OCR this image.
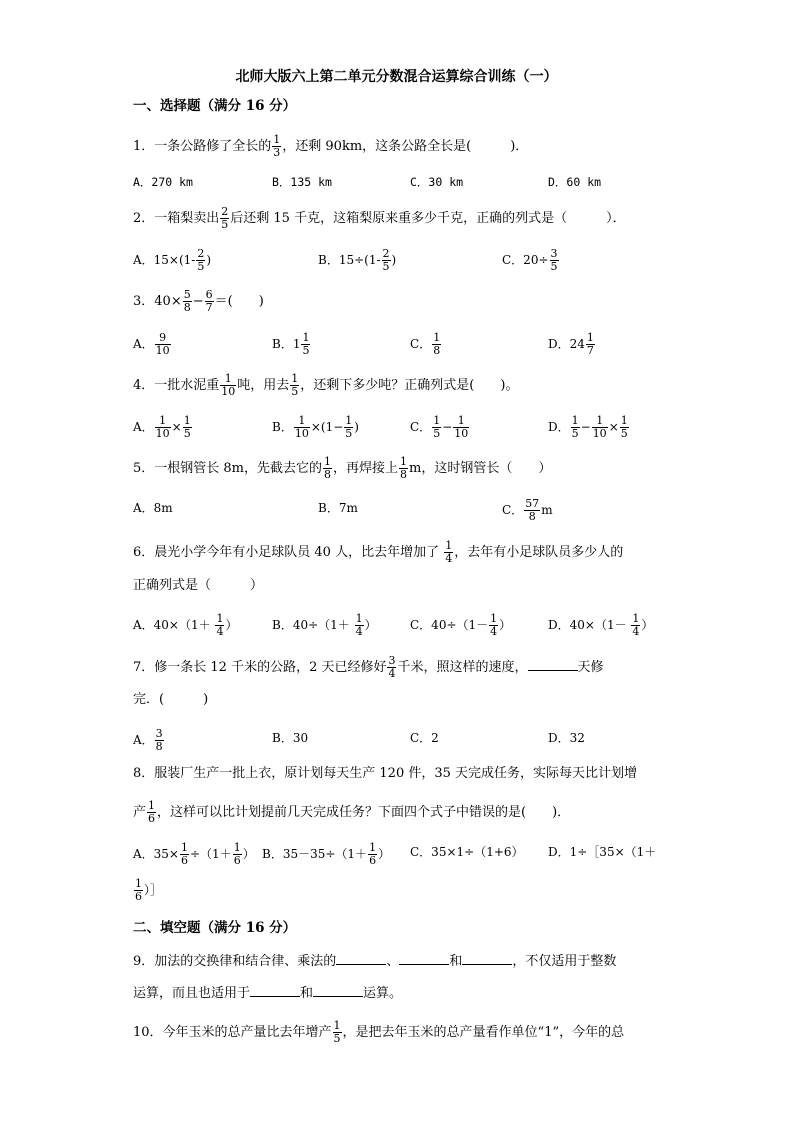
北师大版六上第二单元分数混合运算综合训练（一）
一、选择题（满分 16 分）
1．一条公路修了全长的 $\frac{1}{3}$ ，还剩 90km，这条公路全长是(　　　)．
A．270 km	B．135 km	C．30 km	D．60 km
2．一箱梨卖出 $\frac{2}{5}$ 后还剩 15 千克，这箱梨原来重多少千克，正确的列式是（　　　）．
A．$15\times(1- \frac{2}{5}$ )	B．$15\div(1- \frac{2}{5}$ )	C．$20\div \frac{3}{5}$
3．$40\times \frac{5}{8} - \frac{6}{7}$ ＝(　　)
A． $\frac{9}{10}$	B．$1 \frac{1}{5}$	C． $\frac{1}{8}$	D．$24 \frac{1}{7}$
4．一批水泥重 $\frac{1}{10}$ 吨，用去 $\frac{1}{5}$ ，还剩下多少吨？正确列式是(　　)。
A． $\frac{1}{10} \times \frac{1}{5}$	B． $\frac{1}{10} \times(1- \frac{1}{5}$ )	C． $\frac{1}{5} - \frac{1}{10}$	D． $\frac{1}{5} - \frac{1}{10} \times \frac{1}{5}$
5．一根钢管长 8m，先截去它的 $\frac{1}{8}$ ，再焊接上 $\frac{1}{8}$ m，这时钢管长（　　）
A．8m	B．7m	C． $\frac{57}{8}$ m
6．晨光小学今年有小足球队员 40 人，比去年增加了 $\frac{1}{4}$ ，去年有小足球队员多少人的
正确列式是（　　　）
A．$40\times(1+ \frac{1}{4}$ ）	B．$40\div(1+ \frac{1}{4}$ ）	C．$40\div(1- \frac{1}{4}$ ）	D．$40\times(1- \frac{1}{4}$ ）
7．修一条长 12 千米的公路，2 天已经修好 $\frac{3}{4}$ 千米，照这样的速度，	天修
完．(　　　)
A． $\frac{3}{8}$	B．30	C．2	D．32
8．服装厂生产一批上衣，原计划每天生产 120 件，35 天完成任务，实际每天比计划增
产 $\frac{1}{6}$ ，这样可以比计划提前几天完成任务？下面四个式子中错误的是(　　)．
A．$35\times \frac{1}{6} \div(1+ \frac{1}{6}$ ） B．$35-35\div(1+ \frac{1}{6}$ ） C．35×1÷（1+6） D．1÷［35×（1＋
$\frac{1}{6}$ ）］
二、填空题（满分 16 分）
9．加法的交换律和结合律、乘法的	、	和	，不仅适用于整数
运算，而且也适用于	和	运算。
10．今年玉米的总产量比去年增产 $\frac{1}{5}$ ，是把去年玉米的总产量看作单位“1”，今年的总
